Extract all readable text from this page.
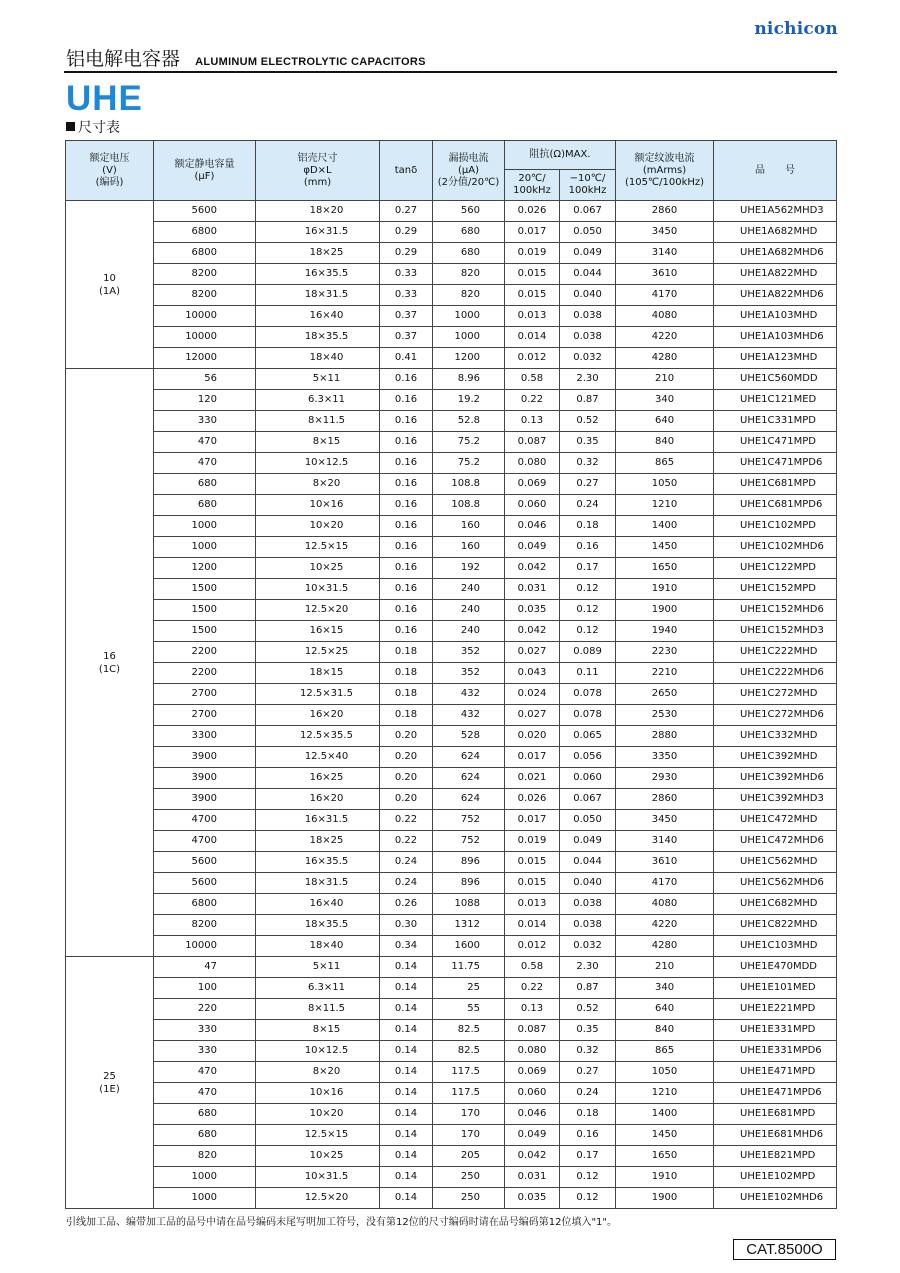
nichicon
铝电解电容器 ALUMINUM ELECTROLYTIC CAPACITORS
UHE
尺寸表
额定电压
(V)
(编码)	额定静电容量
(μF)	铝壳尺寸
φD×L
(mm)	tanδ	漏损电流
(μA)
(2分值/20℃)	阻抗(Ω)MAX.		额定纹波电流
(mArms)
(105℃/100kHz)	品　　号

					20℃/
100kHz	−10℃/
100kHz		

10
(1A)	5600	18×20	0.27	560	0.026	0.067	2860	UHE1A562MHD3
	6800	16×31.5	0.29	680	0.017	0.050	3450	UHE1A682MHD
	6800	18×25	0.29	680	0.019	0.049	3140	UHE1A682MHD6
	8200	16×35.5	0.33	820	0.015	0.044	3610	UHE1A822MHD
	8200	18×31.5	0.33	820	0.015	0.040	4170	UHE1A822MHD6
	10000	16×40	0.37	1000	0.013	0.038	4080	UHE1A103MHD
	10000	18×35.5	0.37	1000	0.014	0.038	4220	UHE1A103MHD6
	12000	18×40	0.41	1200	0.012	0.032	4280	UHE1A123MHD

16
(1C)	56	5×11	0.16	8.96	0.58	2.30	210	UHE1C560MDD
	120	6.3×11	0.16	19.2	0.22	0.87	340	UHE1C121MED
	330	8×11.5	0.16	52.8	0.13	0.52	640	UHE1C331MPD
	470	8×15	0.16	75.2	0.087	0.35	840	UHE1C471MPD
	470	10×12.5	0.16	75.2	0.080	0.32	865	UHE1C471MPD6
	680	8×20	0.16	108.8	0.069	0.27	1050	UHE1C681MPD
	680	10×16	0.16	108.8	0.060	0.24	1210	UHE1C681MPD6
	1000	10×20	0.16	160	0.046	0.18	1400	UHE1C102MPD
	1000	12.5×15	0.16	160	0.049	0.16	1450	UHE1C102MHD6
	1200	10×25	0.16	192	0.042	0.17	1650	UHE1C122MPD
	1500	10×31.5	0.16	240	0.031	0.12	1910	UHE1C152MPD
	1500	12.5×20	0.16	240	0.035	0.12	1900	UHE1C152MHD6
	1500	16×15	0.16	240	0.042	0.12	1940	UHE1C152MHD3
	2200	12.5×25	0.18	352	0.027	0.089	2230	UHE1C222MHD
	2200	18×15	0.18	352	0.043	0.11	2210	UHE1C222MHD6
	2700	12.5×31.5	0.18	432	0.024	0.078	2650	UHE1C272MHD
	2700	16×20	0.18	432	0.027	0.078	2530	UHE1C272MHD6
	3300	12.5×35.5	0.20	528	0.020	0.065	2880	UHE1C332MHD
	3900	12.5×40	0.20	624	0.017	0.056	3350	UHE1C392MHD
	3900	16×25	0.20	624	0.021	0.060	2930	UHE1C392MHD6
	3900	16×20	0.20	624	0.026	0.067	2860	UHE1C392MHD3
	4700	16×31.5	0.22	752	0.017	0.050	3450	UHE1C472MHD
	4700	18×25	0.22	752	0.019	0.049	3140	UHE1C472MHD6
	5600	16×35.5	0.24	896	0.015	0.044	3610	UHE1C562MHD
	5600	18×31.5	0.24	896	0.015	0.040	4170	UHE1C562MHD6
	6800	16×40	0.26	1088	0.013	0.038	4080	UHE1C682MHD
	8200	18×35.5	0.30	1312	0.014	0.038	4220	UHE1C822MHD
	10000	18×40	0.34	1600	0.012	0.032	4280	UHE1C103MHD

25
(1E)	47	5×11	0.14	11.75	0.58	2.30	210	UHE1E470MDD
	100	6.3×11	0.14	25	0.22	0.87	340	UHE1E101MED
	220	8×11.5	0.14	55	0.13	0.52	640	UHE1E221MPD
	330	8×15	0.14	82.5	0.087	0.35	840	UHE1E331MPD
	330	10×12.5	0.14	82.5	0.080	0.32	865	UHE1E331MPD6
	470	8×20	0.14	117.5	0.069	0.27	1050	UHE1E471MPD
	470	10×16	0.14	117.5	0.060	0.24	1210	UHE1E471MPD6
	680	10×20	0.14	170	0.046	0.18	1400	UHE1E681MPD
	680	12.5×15	0.14	170	0.049	0.16	1450	UHE1E681MHD6
	820	10×25	0.14	205	0.042	0.17	1650	UHE1E821MPD
	1000	10×31.5	0.14	250	0.031	0.12	1910	UHE1E102MPD
	1000	12.5×20	0.14	250	0.035	0.12	1900	UHE1E102MHD6
引线加工品、编带加工品的品号中请在品号编码末尾写明加工符号，没有第12位的尺寸编码时请在品号编码第12位填入"1"。
CAT.8500O
